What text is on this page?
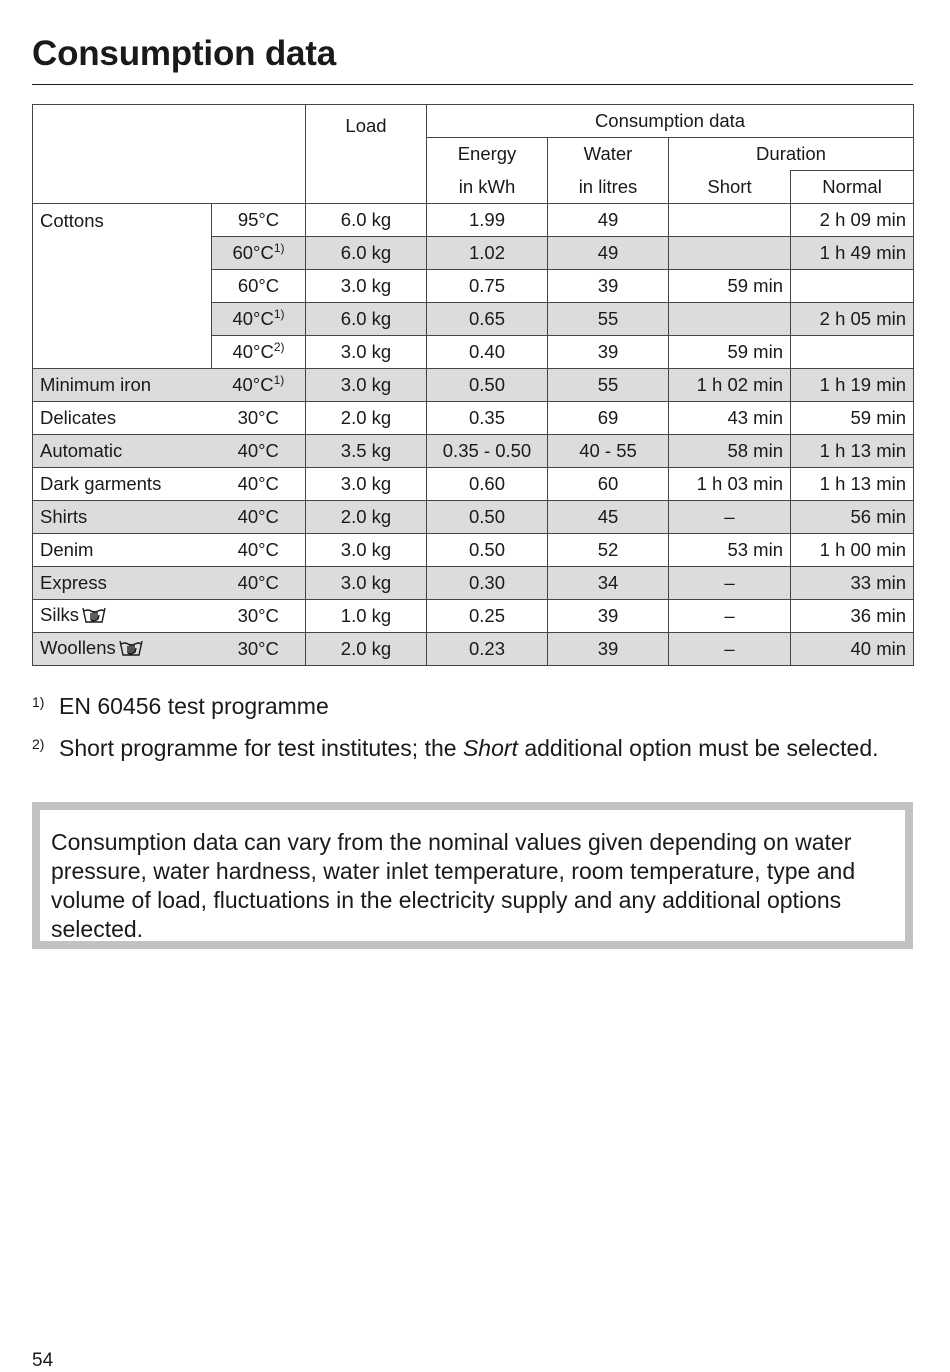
Consumption data
		Load	Consumption data			
			Energy	Water	Duration	
			in kWh	in litres	Short	Normal
Cottons	95°C	6.0 kg	1.99	49		2 h 09 min
	$60^\circ C^{1)}$	6.0 kg	1.02	49		1 h 49 min
	60°C	3.0 kg	0.75	39	59 min	
	$40^\circ C^{1)}$	6.0 kg	0.65	55		2 h 05 min
	$40^\circ C^{2)}$	3.0 kg	0.40	39	59 min	
Minimum iron	$40^\circ C^{1)}$	3.0 kg	0.50	55	1 h 02 min	1 h 19 min
Delicates	30°C	2.0 kg	0.35	69	43 min	59 min
Automatic	40°C	3.5 kg	0.35 - 0.50	40 - 55	58 min	1 h 13 min
Dark garments	40°C	3.0 kg	0.60	60	1 h 03 min	1 h 13 min
Shirts	40°C	2.0 kg	0.50	45	–	56 min
Denim	40°C	3.0 kg	0.50	52	53 min	1 h 00 min
Express	40°C	3.0 kg	0.30	34	–	33 min
Silks	30°C	1.0 kg	0.25	39	–	36 min
Woollens	30°C	2.0 kg	0.23	39	–	40 min
1) EN 60456 test programme
2) Short programme for test institutes; the Short additional option must be selected.
Consumption data can vary from the nominal values given depending on water pressure, water hardness, water inlet temperature, room temperature, type and volume of load, fluctuations in the electricity supply and any additional options selected.
54
